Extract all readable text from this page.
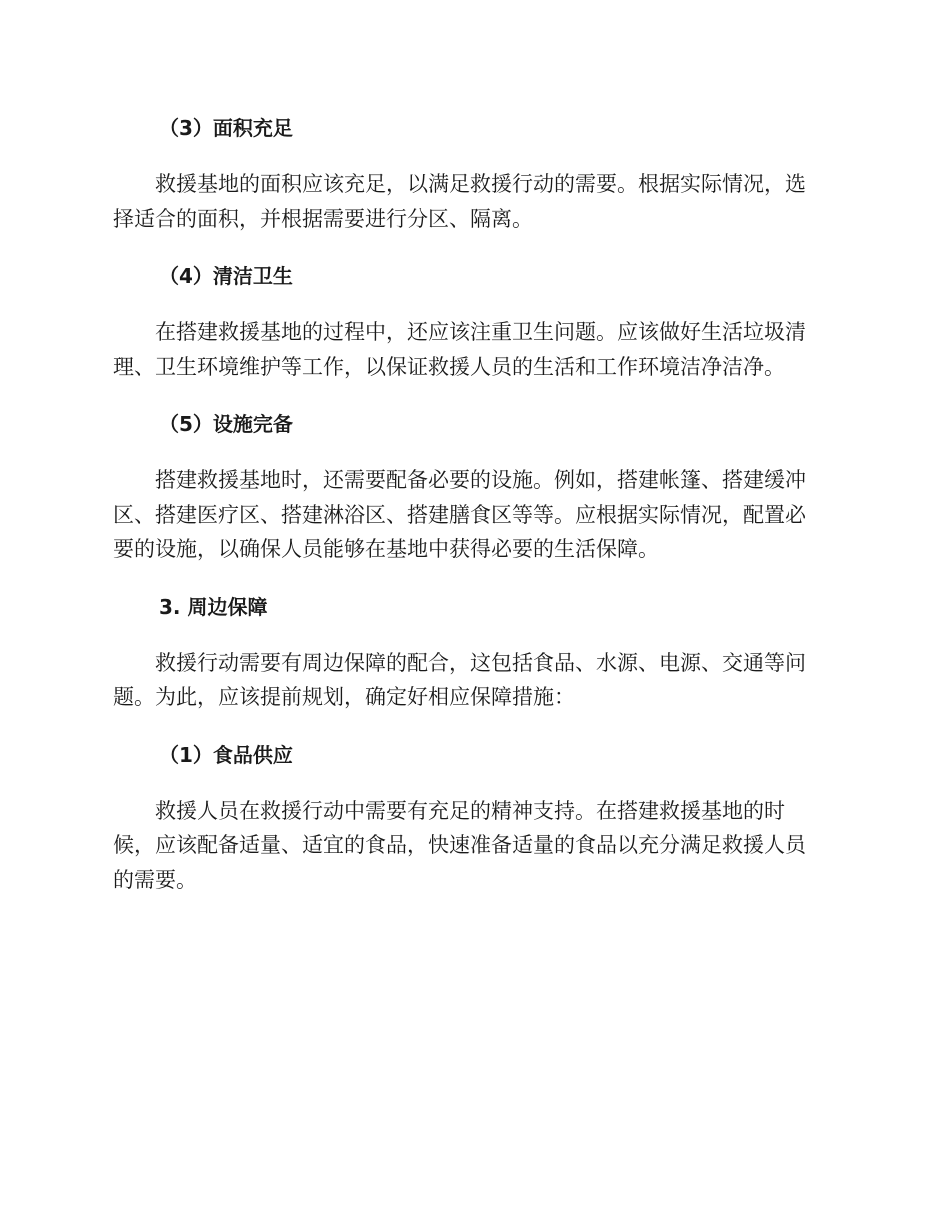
（3）面积充足
救援基地的面积应该充足，以满足救援行动的需要。根据实际情况，选
择适合的面积，并根据需要进行分区、隔离。
（4）清洁卫生
在搭建救援基地的过程中，还应该注重卫生问题。应该做好生活垃圾清
理、卫生环境维护等工作，以保证救援人员的生活和工作环境洁净洁净。
（5）设施完备
搭建救援基地时，还需要配备必要的设施。例如，搭建帐篷、搭建缓冲
区、搭建医疗区、搭建淋浴区、搭建膳食区等等。应根据实际情况，配置必
要的设施，以确保人员能够在基地中获得必要的生活保障。
3. 周边保障
救援行动需要有周边保障的配合，这包括食品、水源、电源、交通等问
题。为此，应该提前规划，确定好相应保障措施：
（1）食品供应
救援人员在救援行动中需要有充足的精神支持。在搭建救援基地的时
候，应该配备适量、适宜的食品，快速准备适量的食品以充分满足救援人员
的需要。
